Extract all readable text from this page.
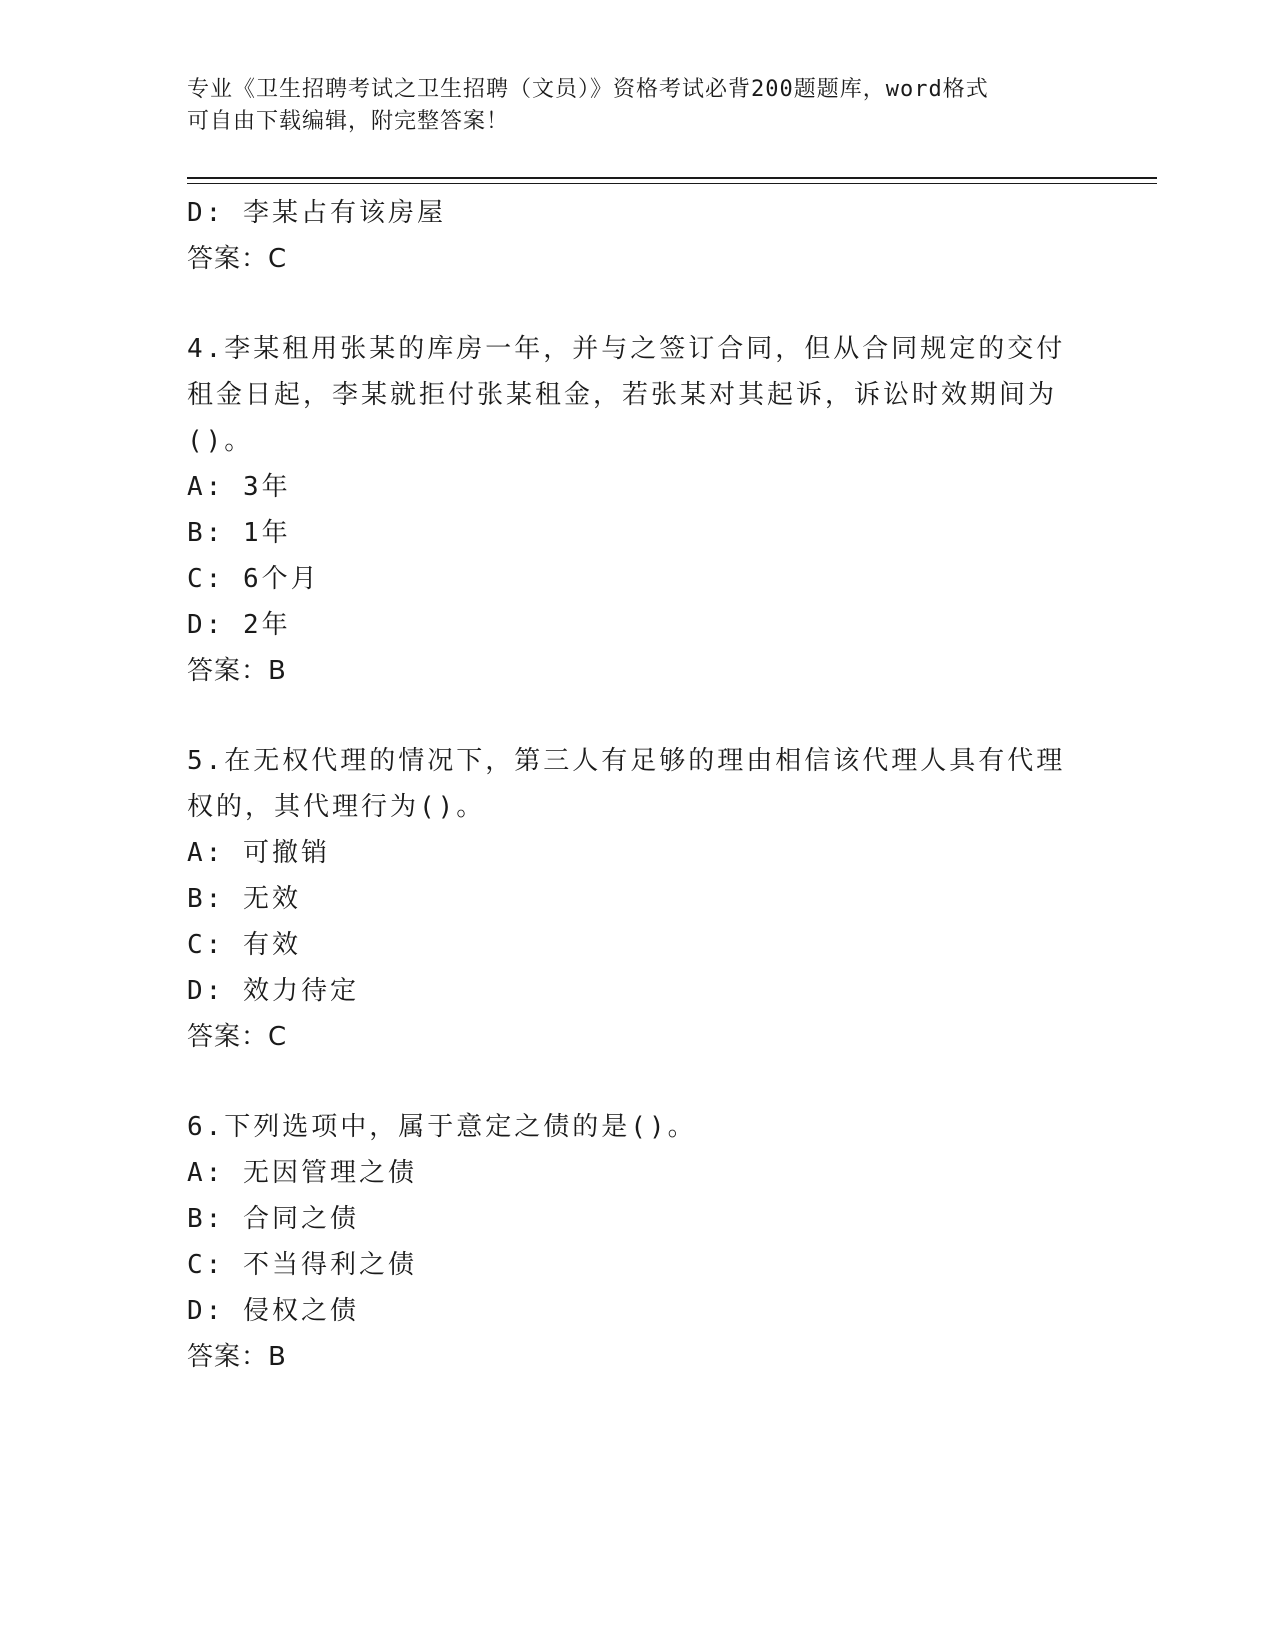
专业《卫生招聘考试之卫生招聘（文员）》资格考试必背200题题库，word格式
可自由下载编辑，附完整答案！
D: 李某占有该房屋
答案：C
4.李某租用张某的库房一年，并与之签订合同，但从合同规定的交付
租金日起，李某就拒付张某租金，若张某对其起诉，诉讼时效期间为
()。
A: 3年
B: 1年
C: 6个月
D: 2年
答案：B
5.在无权代理的情况下，第三人有足够的理由相信该代理人具有代理
权的，其代理行为()。
A: 可撤销
B: 无效
C: 有效
D: 效力待定
答案：C
6.下列选项中，属于意定之债的是()。
A: 无因管理之债
B: 合同之债
C: 不当得利之债
D: 侵权之债
答案：B
